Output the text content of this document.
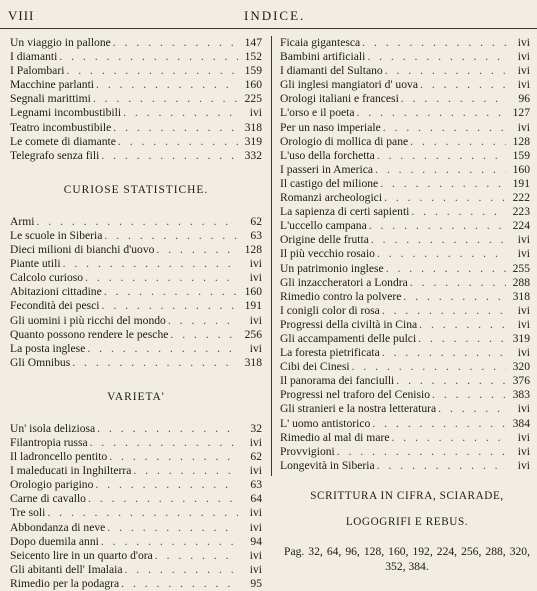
VIII	INDICE.
Un viaggio in pallone . . .	147
I diamanti . . .	152
I Palombari . . .	159
Macchine parlanti . . .	160
Segnali marittimi . . .	225
Legnami incombustibili . . .	ivi
Teatro incombustibile . . .	318
Le comete di diamante . . .	319
Telegrafo senza fili . . .	332
CURIOSE STATISTICHE.
Armi . . .	62
Le scuole in Siberia . . .	63
Dieci milioni di bianchi d'uovo . . .	128
Piante utili . . .	ivi
Calcolo curioso . . .	ivi
Abitazioni cittadine . . .	160
Fecondità dei pesci . . .	191
Gli uomini i più ricchi del mondo . . .	ivi
Quanto possono rendere le pesche . . .	256
La posta inglese . . .	ivi
Gli Omnibus . . .	318
VARIETA'
Un' isola deliziosa . . .	32
Filantropia russa . . .	ivi
Il ladroncello pentito . . .	62
I maleducati in Inghilterra . . .	ivi
Orologio parigino . . .	63
Carne di cavallo . . .	64
Tre soli . . .	ivi
Abbondanza di neve . . .	ivi
Dopo duemila anni . . .	94
Seicento lire in un quarto d'ora . . .	ivi
Gli abitanti dell' Imalaia . . .	ivi
Rimedio per la podagra . . .	95
Ficaia gigantesca . . .	ivi
Bambini artificiali . . .	ivi
I diamanti del Sultano . . .	ivi
Gli inglesi mangiatori d' uova . . .	ivi
Orologi italiani e francesi . . .	96
L'orso e il poeta . . .	127
Per un naso imperiale . . .	ivi
Orologio di mollica di pane . . .	128
L'uso della forchetta . . .	159
I passeri in America . . .	160
Il castigo del milione . . .	191
Romanzi archeologici . . .	222
La sapienza di certi sapienti . . .	223
L'uccello campana . . .	224
Origine delle frutta . . .	ivi
Il più vecchio rosaio . . .	ivi
Un patrimonio inglese . . .	255
Gli inzaccheratori a Londra . . .	288
Rimedio contro la polvere . . .	318
I conigli color di rosa . . .	ivi
Progressi della civiltà in Cina . . .	ivi
Gli accampamenti delle pulci . . .	319
La foresta pietrificata . . .	ivi
Cibi dei Cinesi . . .	320
Il panorama dei fanciulli . . .	376
Progressi nel traforo del Cenisio . . .	383
Gli stranieri e la nostra letteratura . . .	ivi
L' uomo antistorico . . .	384
Rimedio al mal di mare . . .	ivi
Provvigioni . . .	ivi
Longevità in Siberia . . .	ivi
SCRITTURA IN CIFRA, SCIARADE,
LOGOGRIFI E REBUS.
Pag. 32, 64, 96, 128, 160, 192, 224, 256, 288, 320, 352, 384.
